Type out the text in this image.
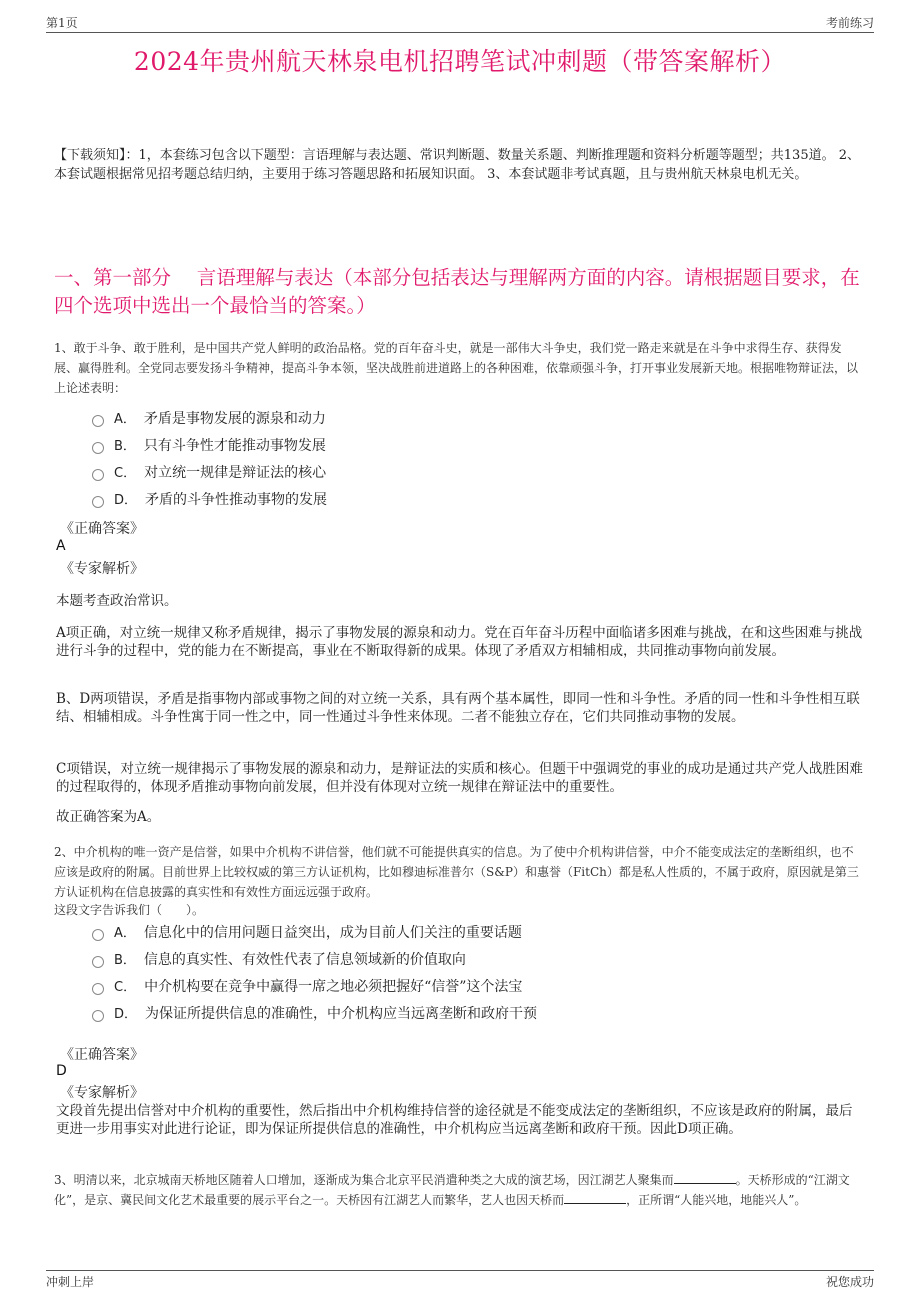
第1页	考前练习
2024年贵州航天林泉电机招聘笔试冲刺题（带答案解析）
【下载须知】：1，本套练习包含以下题型：言语理解与表达题、常识判断题、数量关系题、判断推理题和资料分析题等题型；共135道。 2、本套试题根据常见招考题总结归纳，主要用于练习答题思路和拓展知识面。 3、本套试题非考试真题，且与贵州航天林泉电机无关。
一、第一部分　 言语理解与表达（本部分包括表达与理解两方面的内容。请根据题目要求，在四个选项中选出一个最恰当的答案。）
1、敢于斗争、敢于胜利，是中国共产党人鲜明的政治品格。党的百年奋斗史，就是一部伟大斗争史，我们党一路走来就是在斗争中求得生存、获得发展、赢得胜利。全党同志要发扬斗争精神，提高斗争本领，坚决战胜前进道路上的各种困难，依靠顽强斗争，打开事业发展新天地。根据唯物辩证法，以上论述表明：
A． 矛盾是事物发展的源泉和动力
B． 只有斗争性才能推动事物发展
C． 对立统一规律是辩证法的核心
D． 矛盾的斗争性推动事物的发展
《正确答案》
A
《专家解析》
本题考查政治常识。
A项正确，对立统一规律又称矛盾规律，揭示了事物发展的源泉和动力。党在百年奋斗历程中面临诸多困难与挑战，在和这些困难与挑战进行斗争的过程中，党的能力在不断提高，事业在不断取得新的成果。体现了矛盾双方相辅相成，共同推动事物向前发展。
B、D两项错误，矛盾是指事物内部或事物之间的对立统一关系，具有两个基本属性，即同一性和斗争性。矛盾的同一性和斗争性相互联结、相辅相成。斗争性寓于同一性之中，同一性通过斗争性来体现。二者不能独立存在，它们共同推动事物的发展。
C项错误，对立统一规律揭示了事物发展的源泉和动力，是辩证法的实质和核心。但题干中强调党的事业的成功是通过共产党人战胜困难的过程取得的，体现矛盾推动事物向前发展，但并没有体现对立统一规律在辩证法中的重要性。
故正确答案为A。
2、中介机构的唯一资产是信誉，如果中介机构不讲信誉，他们就不可能提供真实的信息。为了使中介机构讲信誉，中介不能变成法定的垄断组织，也不应该是政府的附属。目前世界上比较权威的第三方认证机构，比如穆迪标准普尔（S&P）和惠誉（FitCh）都是私人性质的，不属于政府，原因就是第三方认证机构在信息披露的真实性和有效性方面远远强于政府。
这段文字告诉我们（　　）。
A． 信息化中的信用问题日益突出，成为目前人们关注的重要话题
B． 信息的真实性、有效性代表了信息领域新的价值取向
C． 中介机构要在竞争中赢得一席之地必须把握好“信誉”这个法宝
D． 为保证所提供信息的准确性，中介机构应当远离垄断和政府干预
《正确答案》
D
《专家解析》
文段首先提出信誉对中介机构的重要性，然后指出中介机构维持信誉的途径就是不能变成法定的垄断组织，不应该是政府的附属，最后更进一步用事实对此进行论证，即为保证所提供信息的准确性，中介机构应当远离垄断和政府干预。因此D项正确。
3、明清以来，北京城南天桥地区随着人口增加，逐渐成为集合北京平民消遣种类之大成的演艺场，因江湖艺人聚集而	。天桥形成的“江湖文化”，是京、冀民间文化艺术最重要的展示平台之一。天桥因有江湖艺人而繁华，艺人也因天桥而	，正所谓“人能兴地，地能兴人”。
冲刺上岸	祝您成功
